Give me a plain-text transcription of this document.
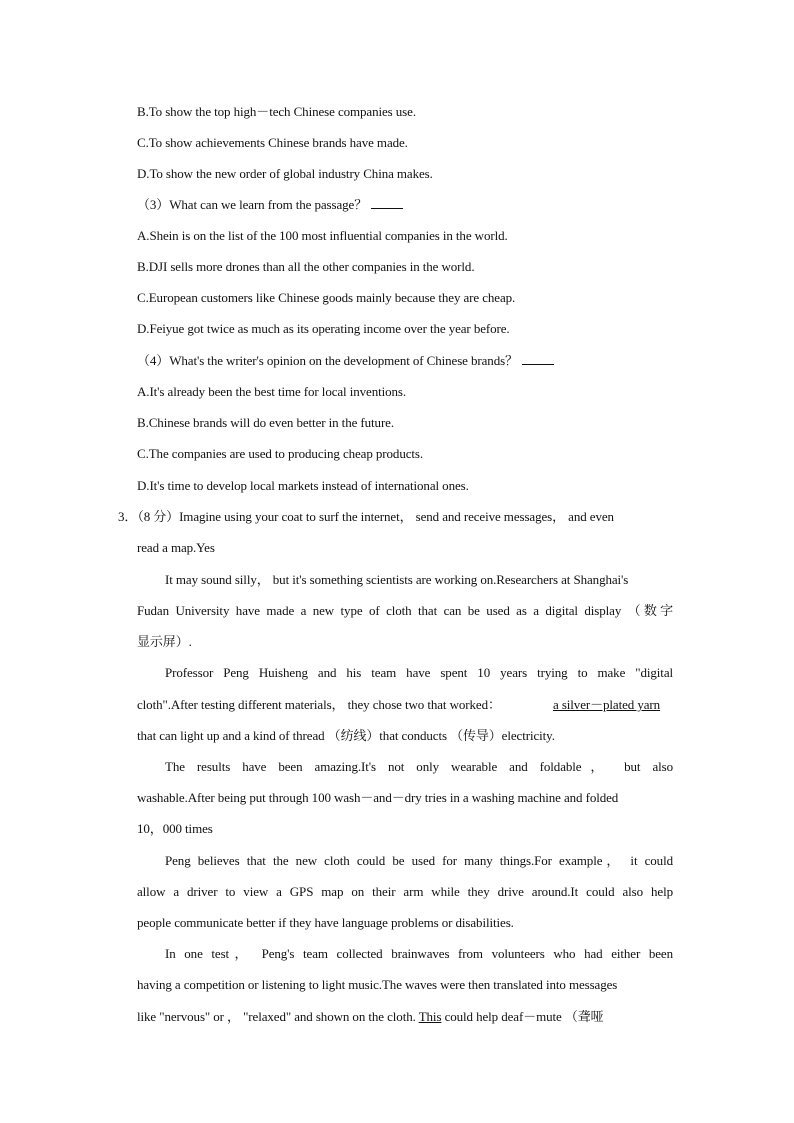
B.To show the top high－tech Chinese companies use.
C.To show achievements Chinese brands have made.
D.To show the new order of global industry China makes.
（3）What can we learn from the passage？
A.Shein is on the list of the 100 most influential companies in the world.
B.DJI sells more drones than all the other companies in the world.
C.European customers like Chinese goods mainly because they are cheap.
D.Feiyue got twice as much as its operating income over the year before.
（4）What's the writer's opinion on the development of Chinese brands？
A.It's already been the best time for local inventions.
B.Chinese brands will do even better in the future.
C.The companies are used to producing cheap products.
D.It's time to develop local markets instead of international ones.
3．（8 分）Imagine using your coat to surf the internet， send and receive messages， and even
read a map.Yes
It may sound silly， but it's something scientists are working on.Researchers at Shanghai's
Fudan University have made a new type of cloth that can be used as a digital display （数字
显示屏）.
Professor Peng Huisheng and his team have spent 10 years trying to make "digital
cloth".After testing different materials， they chose two that worked：	a silver－plated yarn
that can light up and a kind of thread （纺线）that conducts （传导）electricity.
The results have been amazing.It's not only wearable and foldable， but also
washable.After being put through 100 wash－and－dry tries in a washing machine and folded
10，000 times
Peng believes that the new cloth could be used for many things.For example， it could
allow a driver to view a GPS map on their arm while they drive around.It could also help
people communicate better if they have language problems or disabilities.
In one test， Peng's team collected brainwaves from volunteers who had either been
having a competition or listening to light music.The waves were then translated into messages
like "nervous" or ， "relaxed" and shown on the cloth. This could help deaf－mute （聋哑
